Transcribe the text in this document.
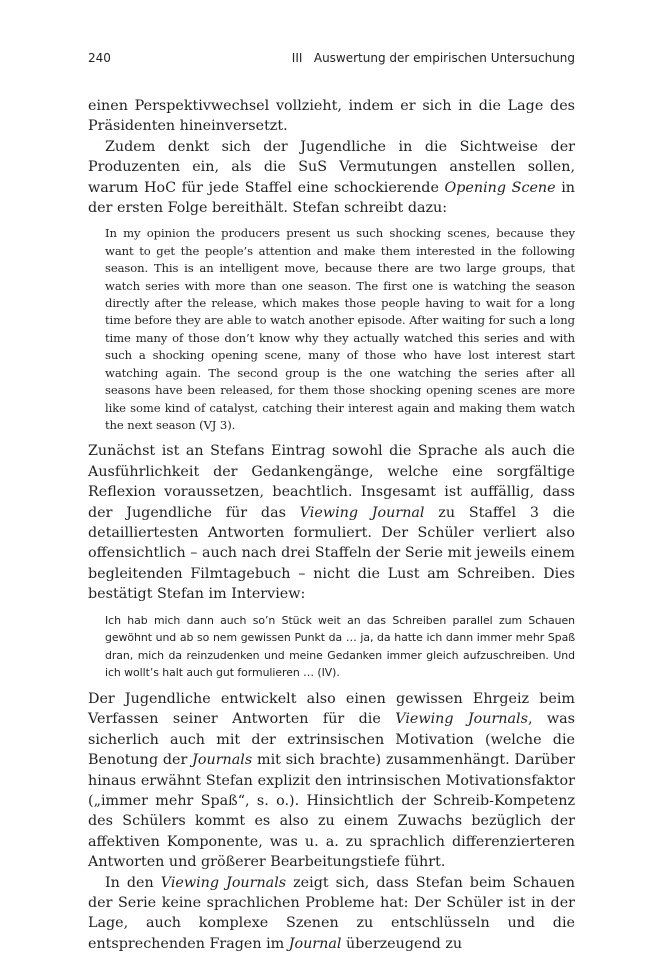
240	III   Auswertung der empirischen Untersuchung

einen Perspektivwechsel vollzieht, indem er sich in die Lage des Präsidenten hineinversetzt.

Zudem denkt sich der Jugendliche in die Sichtweise der Produzenten ein, als die SuS Vermutungen anstellen sollen, warum HoC für jede Staffel eine schockierende Opening Scene in der ersten Folge bereithält. Stefan schreibt dazu:

In my opinion the producers present us such shocking scenes, because they want to get the people’s attention and make them interested in the following season. This is an intelligent move, because there are two large groups, that watch series with more than one season. The first one is watching the season directly after the release, which makes those people having to wait for a long time before they are able to watch another episode. After waiting for such a long time many of those don’t know why they actually watched this series and with such a shocking opening scene, many of those who have lost interest start watching again. The second group is the one watching the series after all seasons have been released, for them those shocking opening scenes are more like some kind of catalyst, catching their interest again and making them watch the next season (VJ 3).

Zunächst ist an Stefans Eintrag sowohl die Sprache als auch die Ausführlichkeit der Gedankengänge, welche eine sorgfältige Reflexion voraussetzen, beachtlich. Insgesamt ist auffällig, dass der Jugendliche für das Viewing Journal zu Staffel 3 die detailliertesten Antworten formuliert. Der Schüler verliert also offensichtlich – auch nach drei Staffeln der Serie mit jeweils einem begleitenden Filmtagebuch – nicht die Lust am Schreiben. Dies bestätigt Stefan im Interview:

Ich hab mich dann auch so’n Stück weit an das Schreiben parallel zum Schauen gewöhnt und ab so nem gewissen Punkt da … ja, da hatte ich dann immer mehr Spaß dran, mich da reinzudenken und meine Gedanken immer gleich aufzuschreiben. Und ich wollt’s halt auch gut formulieren … (IV).

Der Jugendliche entwickelt also einen gewissen Ehrgeiz beim Verfassen seiner Antworten für die Viewing Journals, was sicherlich auch mit der extrinsischen Motivation (welche die Benotung der Journals mit sich brachte) zusammenhängt. Darüber hinaus erwähnt Stefan explizit den intrinsischen Motivationsfaktor („immer mehr Spaß“, s. o.). Hinsichtlich der Schreib-Kompetenz des Schülers kommt es also zu einem Zuwachs bezüglich der affektiven Komponente, was u. a. zu sprachlich differenzierteren Antworten und größerer Bearbeitungstiefe führt.

In den Viewing Journals zeigt sich, dass Stefan beim Schauen der Serie keine sprachlichen Probleme hat: Der Schüler ist in der Lage, auch komplexe Szenen zu entschlüsseln und die entsprechenden Fragen im Journal überzeugend zu
